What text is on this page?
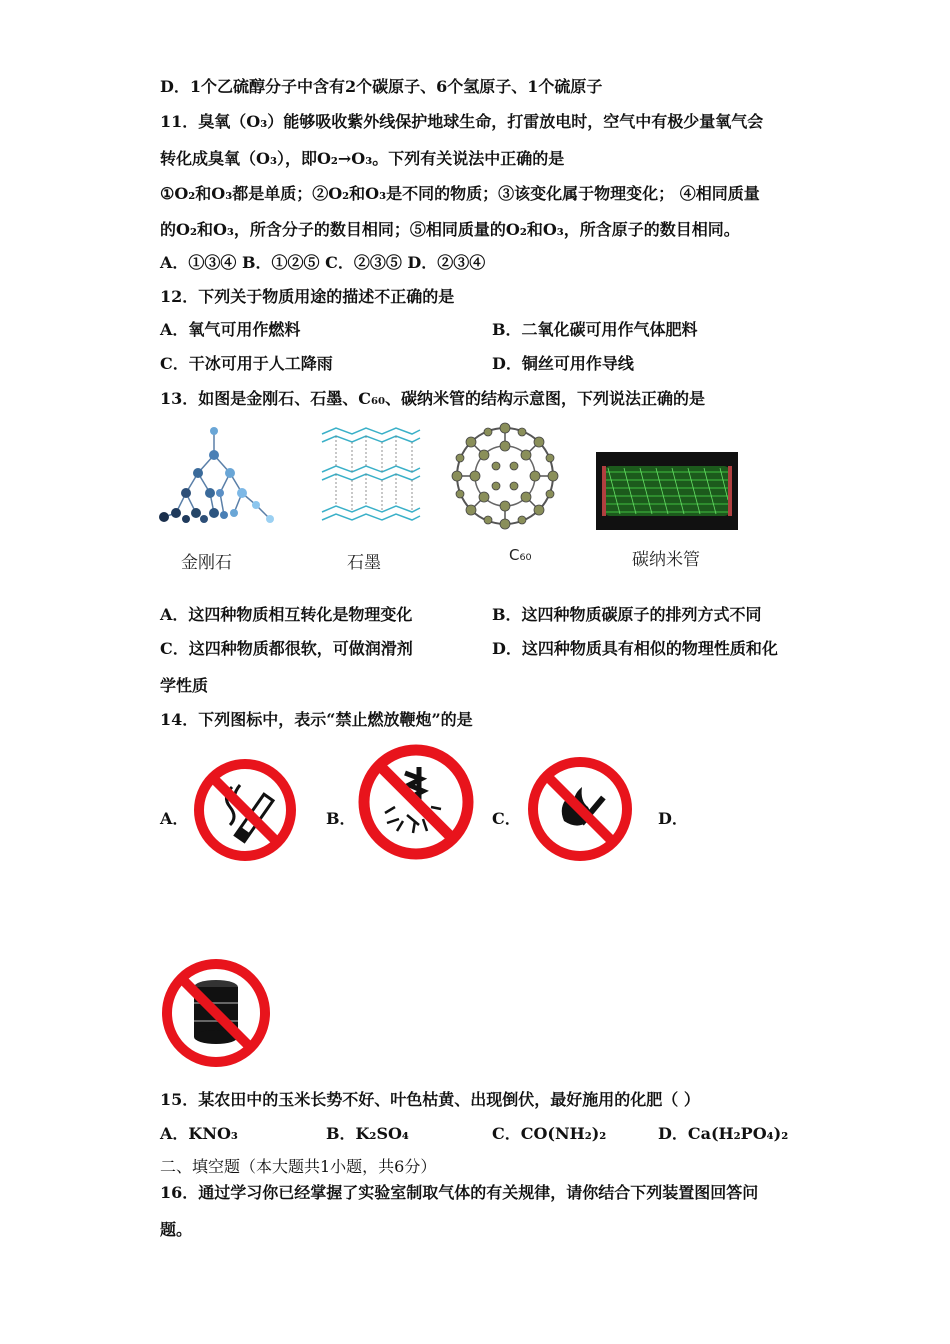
D．1个乙硫醇分子中含有2个碳原子、6个氢原子、1个硫原子
11．臭氧（O₃）能够吸收紫外线保护地球生命，打雷放电时，空气中有极少量氧气会
转化成臭氧（O₃），即O₂→O₃。下列有关说法中正确的是
①O₂和O₃都是单质；②O₂和O₃是不同的物质；③该变化属于物理变化； ④相同质量
的O₂和O₃，所含分子的数目相同；⑤相同质量的O₂和O₃，所含原子的数目相同。
A．①③④ B．①②⑤ C．②③⑤ D．②③④
12．下列关于物质用途的描述不正确的是
A．氧气可用作燃料	B．二氧化碳可用作气体肥料
C．干冰可用于人工降雨	D．铜丝可用作导线
13．如图是金刚石、石墨、C₆₀、碳纳米管的结构示意图，下列说法正确的是
金刚石	石墨	C₆₀	碳纳米管
A．这四种物质相互转化是物理变化	B．这四种物质碳原子的排列方式不同
C．这四种物质都很软，可做润滑剂	D．这四种物质具有相似的物理性质和化
学性质
14．下列图标中，表示“禁止燃放鞭炮”的是
A．	B．	C．	D．
15．某农田中的玉米长势不好、叶色枯黄、出现倒伏，最好施用的化肥（ ）
A．KNO₃	B．K₂SO₄	C．CO(NH₂)₂	D．Ca(H₂PO₄)₂
二、填空题（本大题共1小题，共6分）
16．通过学习你已经掌握了实验室制取气体的有关规律，请你结合下列装置图回答问
题。
